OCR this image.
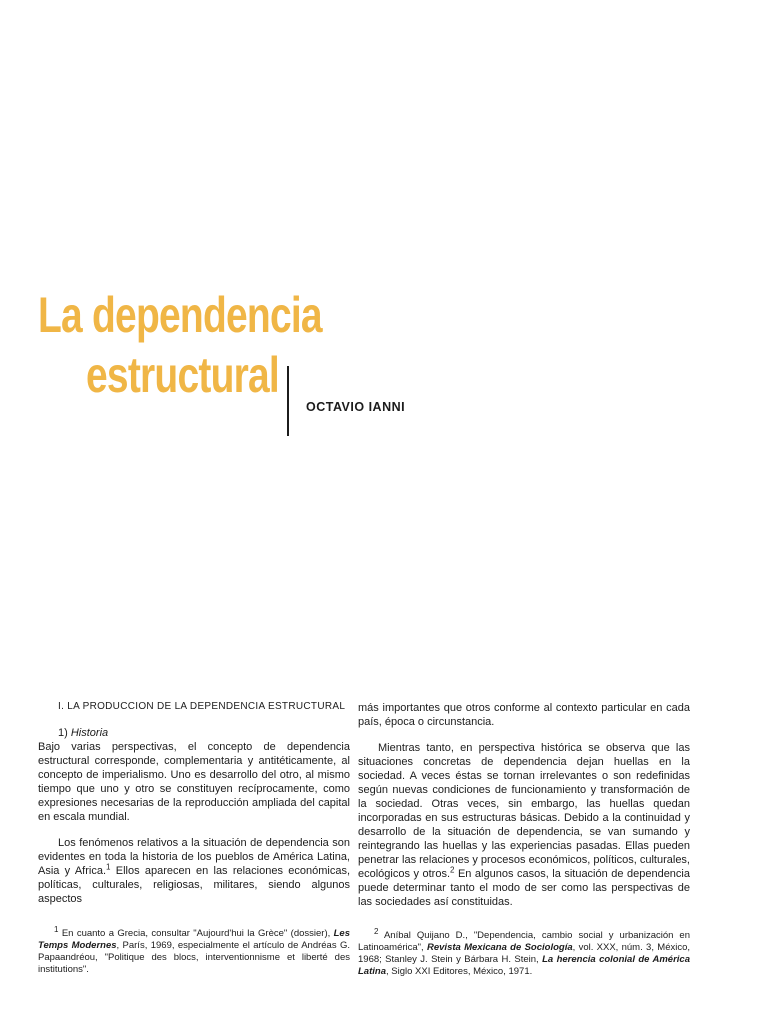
La dependencia
estructural
OCTAVIO IANNI
I. LA PRODUCCION DE LA DEPENDENCIA ESTRUCTURAL

1) Historia

Bajo varias perspectivas, el concepto de dependencia estructural corresponde, complementaria y antitéticamente, al concepto de imperialismo. Uno es desarrollo del otro, al mismo tiempo que uno y otro se constituyen recíprocamente, como expresiones necesarias de la reproducción ampliada del capital en escala mundial.

Los fenómenos relativos a la situación de dependencia son evidentes en toda la historia de los pueblos de América Latina, Asia y Africa.$^1$ Ellos aparecen en las relaciones económicas, políticas, culturales, religiosas, militares, siendo algunos aspectos

más importantes que otros conforme al contexto particular en cada país, época o circunstancia.

Mientras tanto, en perspectiva histórica se observa que las situaciones concretas de dependencia dejan huellas en la sociedad. A veces éstas se tornan irrelevantes o son redefinidas según nuevas condiciones de funcionamiento y transformación de la sociedad. Otras veces, sin embargo, las huellas quedan incorporadas en sus estructuras básicas. Debido a la continuidad y desarrollo de la situación de dependencia, se van sumando y reintegrando las huellas y las experiencias pasadas. Ellas pueden penetrar las relaciones y procesos económicos, políticos, culturales, ecológicos y otros.$^2$ En algunos casos, la situación de dependencia puede determinar tanto el modo de ser como las perspectivas de las sociedades así constituidas.

$^1$ En cuanto a Grecia, consultar "Aujourd'hui la Grèce" (dossier), Les Temps Modernes, París, 1969, especialmente el artículo de Andréas G. Papaandréou, "Politique des blocs, interventionnisme et liberté des institutions".

$^2$ Aníbal Quijano D., "Dependencia, cambio social y urbanización en Latinoamérica", Revista Mexicana de Sociología, vol. XXX, núm. 3, México, 1968; Stanley J. Stein y Bárbara H. Stein, La herencia colonial de América Latina, Siglo XXI Editores, México, 1971.
